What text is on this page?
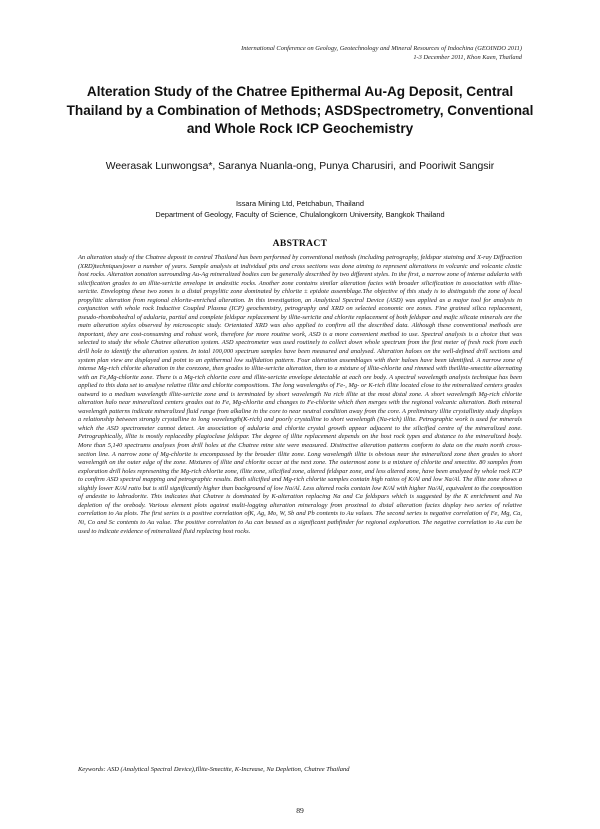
International Conference on Geology, Geotechnology and Mineral Resources of Indochina (GEOINDO 2011)
1-3 December 2011, Khon Kaen, Thailand
Alteration Study of the Chatree Epithermal Au-Ag Deposit, Central Thailand by a Combination of Methods; ASDSpectrometry, Conventional and Whole Rock ICP Geochemistry
Weerasak Lunwongsa*, Saranya Nuanla-ong, Punya Charusiri, and Pooriwit Sangsir
Issara Mining Ltd, Petchabun, Thailand
Department of Geology, Faculty of Science, Chulalongkorn University, Bangkok Thailand
ABSTRACT
An alteration study of the Chatree deposit in central Thailand has been performed by conventional methods (including petrography, feldspar staining and X-ray Diffraction (XRD)techniques)over a number of years. Sample analysis at individual pits and cross sections was done aiming to represent alterations in volcanic and volcanic clastic host rocks. Alteration zonation surrounding Au-Ag mineralized bodies can be generally described by two different styles. In the first, a narrow zone of intense adularia with silicification grades to an illite-sericite envelope in andesitic rocks. Another zone contains similar alteration facies with broader silicification in association with illite-sericite. Enveloping these two zones is a distal propylitic zone dominated by chlorite ± epidote assemblage.The objective of this study is to distinguish the zone of local propylitic alteration from regional chlorite-enriched alteration. In this investigation, an Analytical Spectral Device (ASD) was applied as a major tool for analysis in conjunction with whole rock Inductive Coupled Plasma (ICP) geochemistry, petrography and XRD on selected economic ore zones. Fine grained silica replacement, pseudo-rhombohedral of adularia, partial and complete feldspar replacement by illite-sericite and chlorite replacement of both feldspar and mafic silicate minerals are the main alteration styles observed by microscopic study. Orientated XRD was also applied to confirm all the described data. Although these conventional methods are important, they are cost-consuming and robust work, therefore for more routine work, ASD is a more convenient method to use. Spectral analysis is a choice that was selected to study the whole Chatree alteration system. ASD spectrometer was used routinely to collect down whole spectrum from the first meter of fresh rock from each drill hole to identify the alteration system. In total 100,000 spectrum samples have been measured and analysed. Alteration haloes on the well-defined drill sections and system plan view are displayed and point to an epithermal low sulfidation pattern. Four alteration assemblages with their haloes have been identified. A narrow zone of intense Mg-rich chlorite alteration in the corezone, then grades to illite-sericite alteration, then to a mixture of illite-chlorite and rimmed with theillite-smectite alternating with an Fe,Mg-chlorite zone. There is a Mg-rich chlorite core and illite-sericite envelope detectable at each ore body. A spectral wavelength analysis technique has been applied to this data set to analyse relative illite and chlorite compositions. The long wavelengths of Fe-, Mg- or K-rich illite located close to the mineralized centers grades outward to a medium wavelength illite-sericite zone and is terminated by short wavelength Na rich illite at the most distal zone. A short wavelength Mg-rich chlorite alteration halo near mineralized centers grades out to Fe, Mg-chlorite and changes to Fe-chlorite which then merges with the regional volcanic alteration. Both mineral wavelength patterns indicate mineralized fluid range from alkaline in the core to near neutral condition away from the core. A preliminary illite crystallinity study displays a relationship between strongly crystalline to long wavelength(K-rich) and poorly crystalline to short wavelength (Na-rich) illite. Petrographic work is used for minerals which the ASD spectrometer cannot detect. An association of adularia and chlorite crystal growth appear adjacent to the silicified centre of the mineralized zone. Petrographically, illite is mostly replacedby plagioclase feldspar. The degree of illite replacement depends on the host rock types and distance to the mineralized body. More than 5,140 spectrums analyses from drill holes at the Chatree mine site were measured. Distinctive alteration patterns conform to data on the main north cross-section line. A narrow zone of Mg-chlorite is encompassed by the broader illite zone. Long wavelength illite is obvious near the mineralized zone then grades to short wavelength on the outer edge of the zone. Mixtures of illite and chlorite occur at the next zone. The outermost zone is a mixture of chlorite and smectite. 80 samples from exploration drill holes representing the Mg-rich chlorite zone, illite zone, silicified zone, altered feldspar zone, and less altered zone, have been analyzed by whole rock ICP to confirm ASD spectral mapping and petrographic results. Both silicified and Mg-rich chlorite samples contain high ratios of K/Al and low Na/Al. The illite zone shows a slightly lower K/Al ratio but is still significantly higher than background of low Na/Al. Less altered rocks contain low K/Al with higher Na/Al, equivalent to the composition of andesite to labradorite. This indicates that Chatree is dominated by K-alteration replacing Na and Ca feldspars which is suggested by the K enrichment and Na depletion of the orebody. Various element plots against multi-logging alteration mineralogy from proximal to distal alteration facies display two series of relative correlation to Au plots. The first series is a positive correlation ofK, Ag, Mo, W, Sb and Pb contents to Au values. The second series is negative correlation of Fe, Mg, Ca, Ni, Co and Sc contents to Au value. The positive correlation to Au can beused as a significant pathfinder for regional exploration. The negative correlation to Au can be used to indicate evidence of mineralized fluid replacing host rocks.
Keywords: ASD (Analytical Spectral Device),Illite-Smectite, K-Increase, Na Depletion, Chatree Thailand
89
